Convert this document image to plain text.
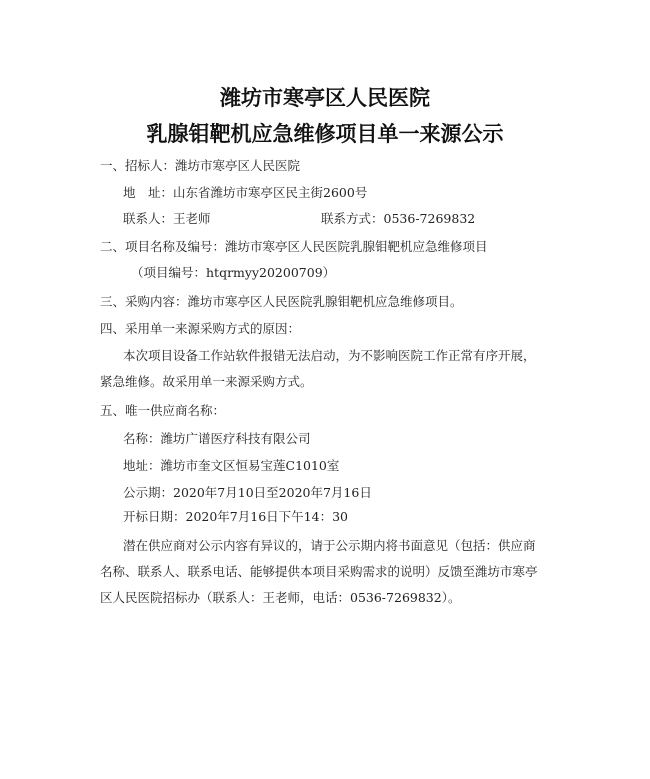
潍坊市寒亭区人民医院
乳腺钼靶机应急维修项目单一来源公示
一、招标人：潍坊市寒亭区人民医院
地　址：山东省潍坊市寒亭区民主街2600号
联系人：王老师	联系方式：0536-7269832
二、项目名称及编号：潍坊市寒亭区人民医院乳腺钼靶机应急维修项目
（项目编号：htqrmyy20200709）
三、采购内容：潍坊市寒亭区人民医院乳腺钼靶机应急维修项目。
四、采用单一来源采购方式的原因：
本次项目设备工作站软件报错无法启动，为不影响医院工作正常有序开展，
紧急维修。故采用单一来源采购方式。
五、唯一供应商名称：
名称：潍坊广谱医疗科技有限公司
地址：潍坊市奎文区恒易宝莲C1010室
公示期：2020年7月10日至2020年7月16日
开标日期：2020年7月16日下午14：30
潜在供应商对公示内容有异议的，请于公示期内将书面意见（包括：供应商
名称、联系人、联系电话、能够提供本项目采购需求的说明）反馈至潍坊市寒亭
区人民医院招标办（联系人：王老师，电话：0536-7269832）。
